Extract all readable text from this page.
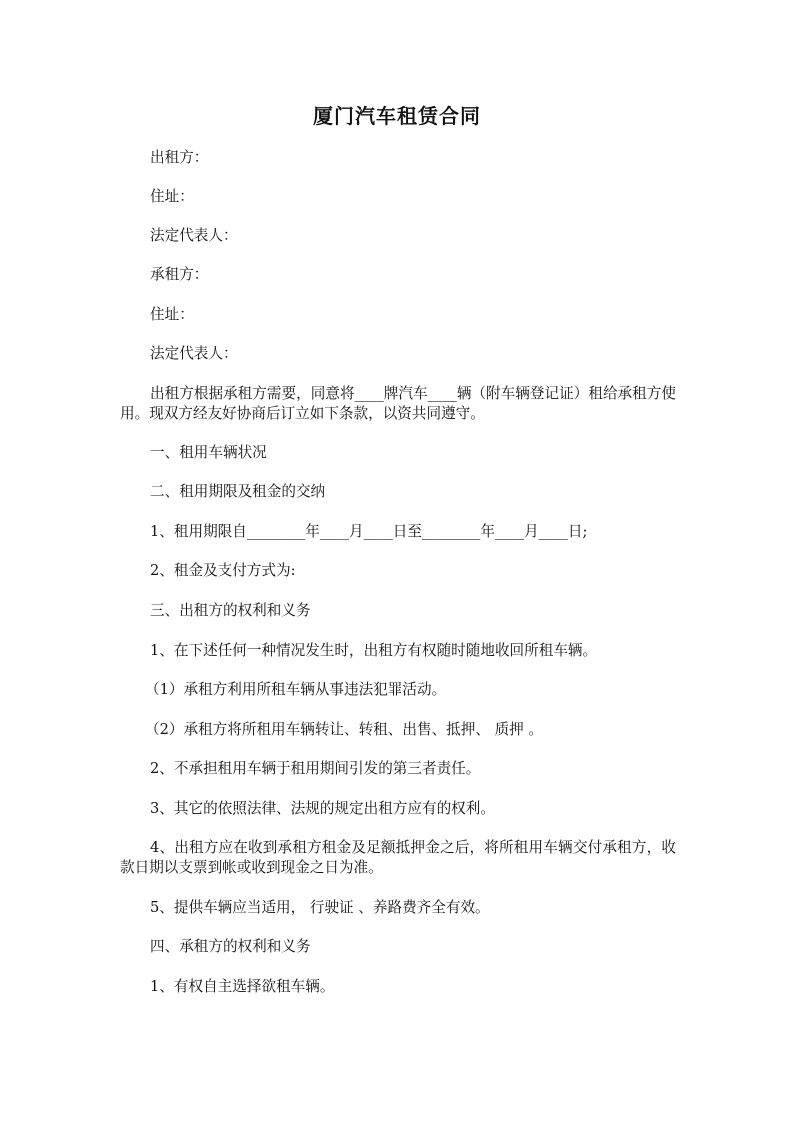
厦门汽车租赁合同
出租方：
住址：
法定代表人：
承租方：
住址：
法定代表人：
出租方根据承租方需要，同意将____牌汽车____辆（附车辆登记证）租给承租方使用。现双方经友好协商后订立如下条款，以资共同遵守。
一、租用车辆状况
二、租用期限及租金的交纳
1、租用期限自________年____月____日至________年____月____日;
2、租金及支付方式为:
三、出租方的权利和义务
1、在下述任何一种情况发生时，出租方有权随时随地收回所租车辆。
（1）承租方利用所租车辆从事违法犯罪活动。
（2）承租方将所租用车辆转让、转租、出售、抵押、 质押 。
2、不承担租用车辆于租用期间引发的第三者责任。
3、其它的依照法律、法规的规定出租方应有的权利。
4、出租方应在收到承租方租金及足额抵押金之后，将所租用车辆交付承租方，收款日期以支票到帐或收到现金之日为准。
5、提供车辆应当适用， 行驶证 、养路费齐全有效。
四、承租方的权利和义务
1、有权自主选择欲租车辆。
